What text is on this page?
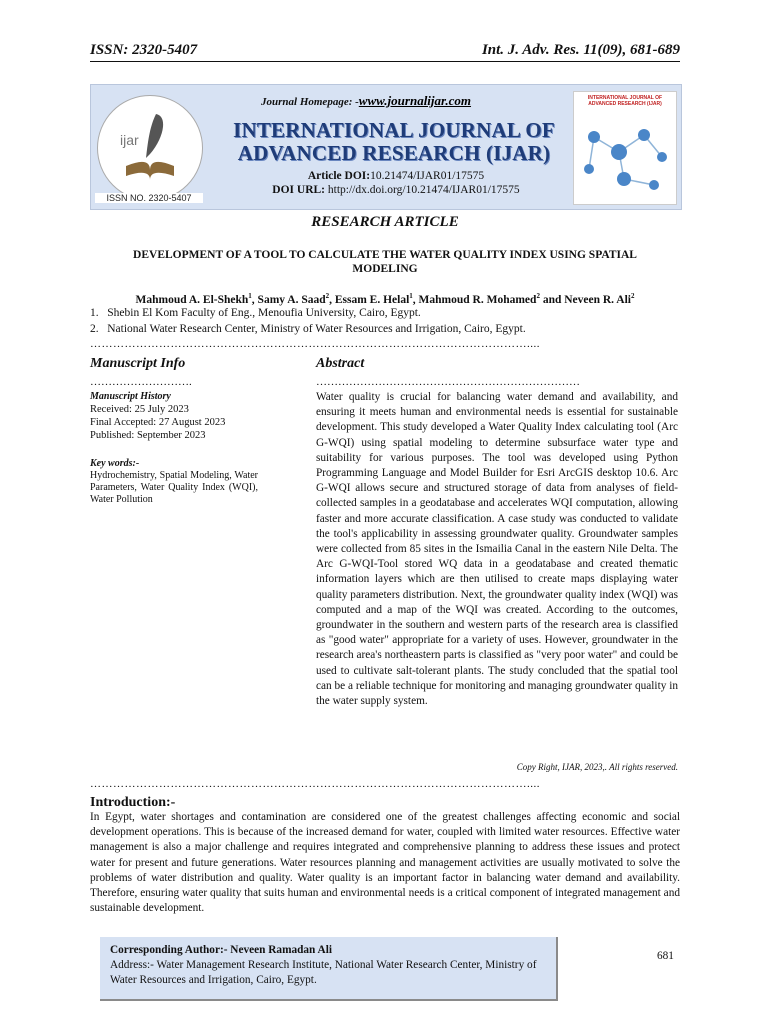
ISSN: 2320-5407	Int. J. Adv. Res. 11(09), 681-689
ijar
ISSN NO. 2320-5407
Journal Homepage: -www.journalijar.com
INTERNATIONAL JOURNAL OF
ADVANCED RESEARCH (IJAR)
Article DOI:10.21474/IJAR01/17575
DOI URL: http://dx.doi.org/10.21474/IJAR01/17575
INTERNATIONAL JOURNAL OF ADVANCED RESEARCH (IJAR)
RESEARCH ARTICLE
DEVELOPMENT OF A TOOL TO CALCULATE THE WATER QUALITY INDEX USING SPATIAL MODELING
Mahmoud A. El-Shekh$^1$, Samy A. Saad$^2$, Essam E. Helal$^1$, Mahmoud R. Mohamed$^2$ and Neveen R. Ali$^2$
1.   Shebin El Kom Faculty of Eng., Menoufia University, Cairo, Egypt.
2.   National Water Research Center, Ministry of Water Resources and Irrigation, Cairo, Egypt.
……………………………………………………………………………………………………....
Manuscript Info
……………………….
Manuscript History
Received: 25 July 2023
Final Accepted: 27 August 2023
Published: September 2023
Key words:-
Hydrochemistry, Spatial Modeling, Water Parameters, Water Quality Index (WQI), Water Pollution
Abstract
………………………………………………………………
Water quality is crucial for balancing water demand and availability, and ensuring it meets human and environmental needs is essential for sustainable development. This study developed a Water Quality Index calculating tool (Arc G-WQI) using spatial modeling to determine subsurface water type and suitability for various purposes. The tool was developed using Python Programming Language and Model Builder for Esri ArcGIS desktop 10.6. Arc G-WQI allows secure and structured storage of data from analyses of field-collected samples in a geodatabase and accelerates WQI computation, allowing faster and more accurate classification. A case study was conducted to validate the tool's applicability in assessing groundwater quality. Groundwater samples were collected from 85 sites in the Ismailia Canal in the eastern Nile Delta. The Arc G-WQI-Tool stored WQ data in a geodatabase and created thematic information layers which are then utilised to create maps displaying water quality parameters distribution. Next, the groundwater quality index (WQI) was computed and a map of the WQI was created. According to the outcomes, groundwater in the southern and western parts of the research area is classified as "good water" appropriate for a variety of uses. However, groundwater in the research area's northeastern parts is classified as "very poor water" and could be used to cultivate salt-tolerant plants. The study concluded that the spatial tool can be a reliable technique for monitoring and managing groundwater quality in the water supply system.
Copy Right, IJAR, 2023,. All rights reserved.
……………………………………………………………………………………………………....
Introduction:-
In Egypt, water shortages and contamination are considered one of the greatest challenges affecting economic and social development operations. This is because of the increased demand for water, coupled with limited water resources. Effective water management is also a major challenge and requires integrated and comprehensive planning to address these issues and protect water for present and future generations. Water resources planning and management activities are usually motivated to solve the problems of water distribution and quality. Water quality is an important factor in balancing water demand and availability. Therefore, ensuring water quality that suits human and environmental needs is a critical component of integrated management and sustainable development.
Corresponding Author:- Neveen Ramadan Ali
Address:- Water Management Research Institute, National Water Research Center, Ministry of Water Resources and Irrigation, Cairo, Egypt.
681
